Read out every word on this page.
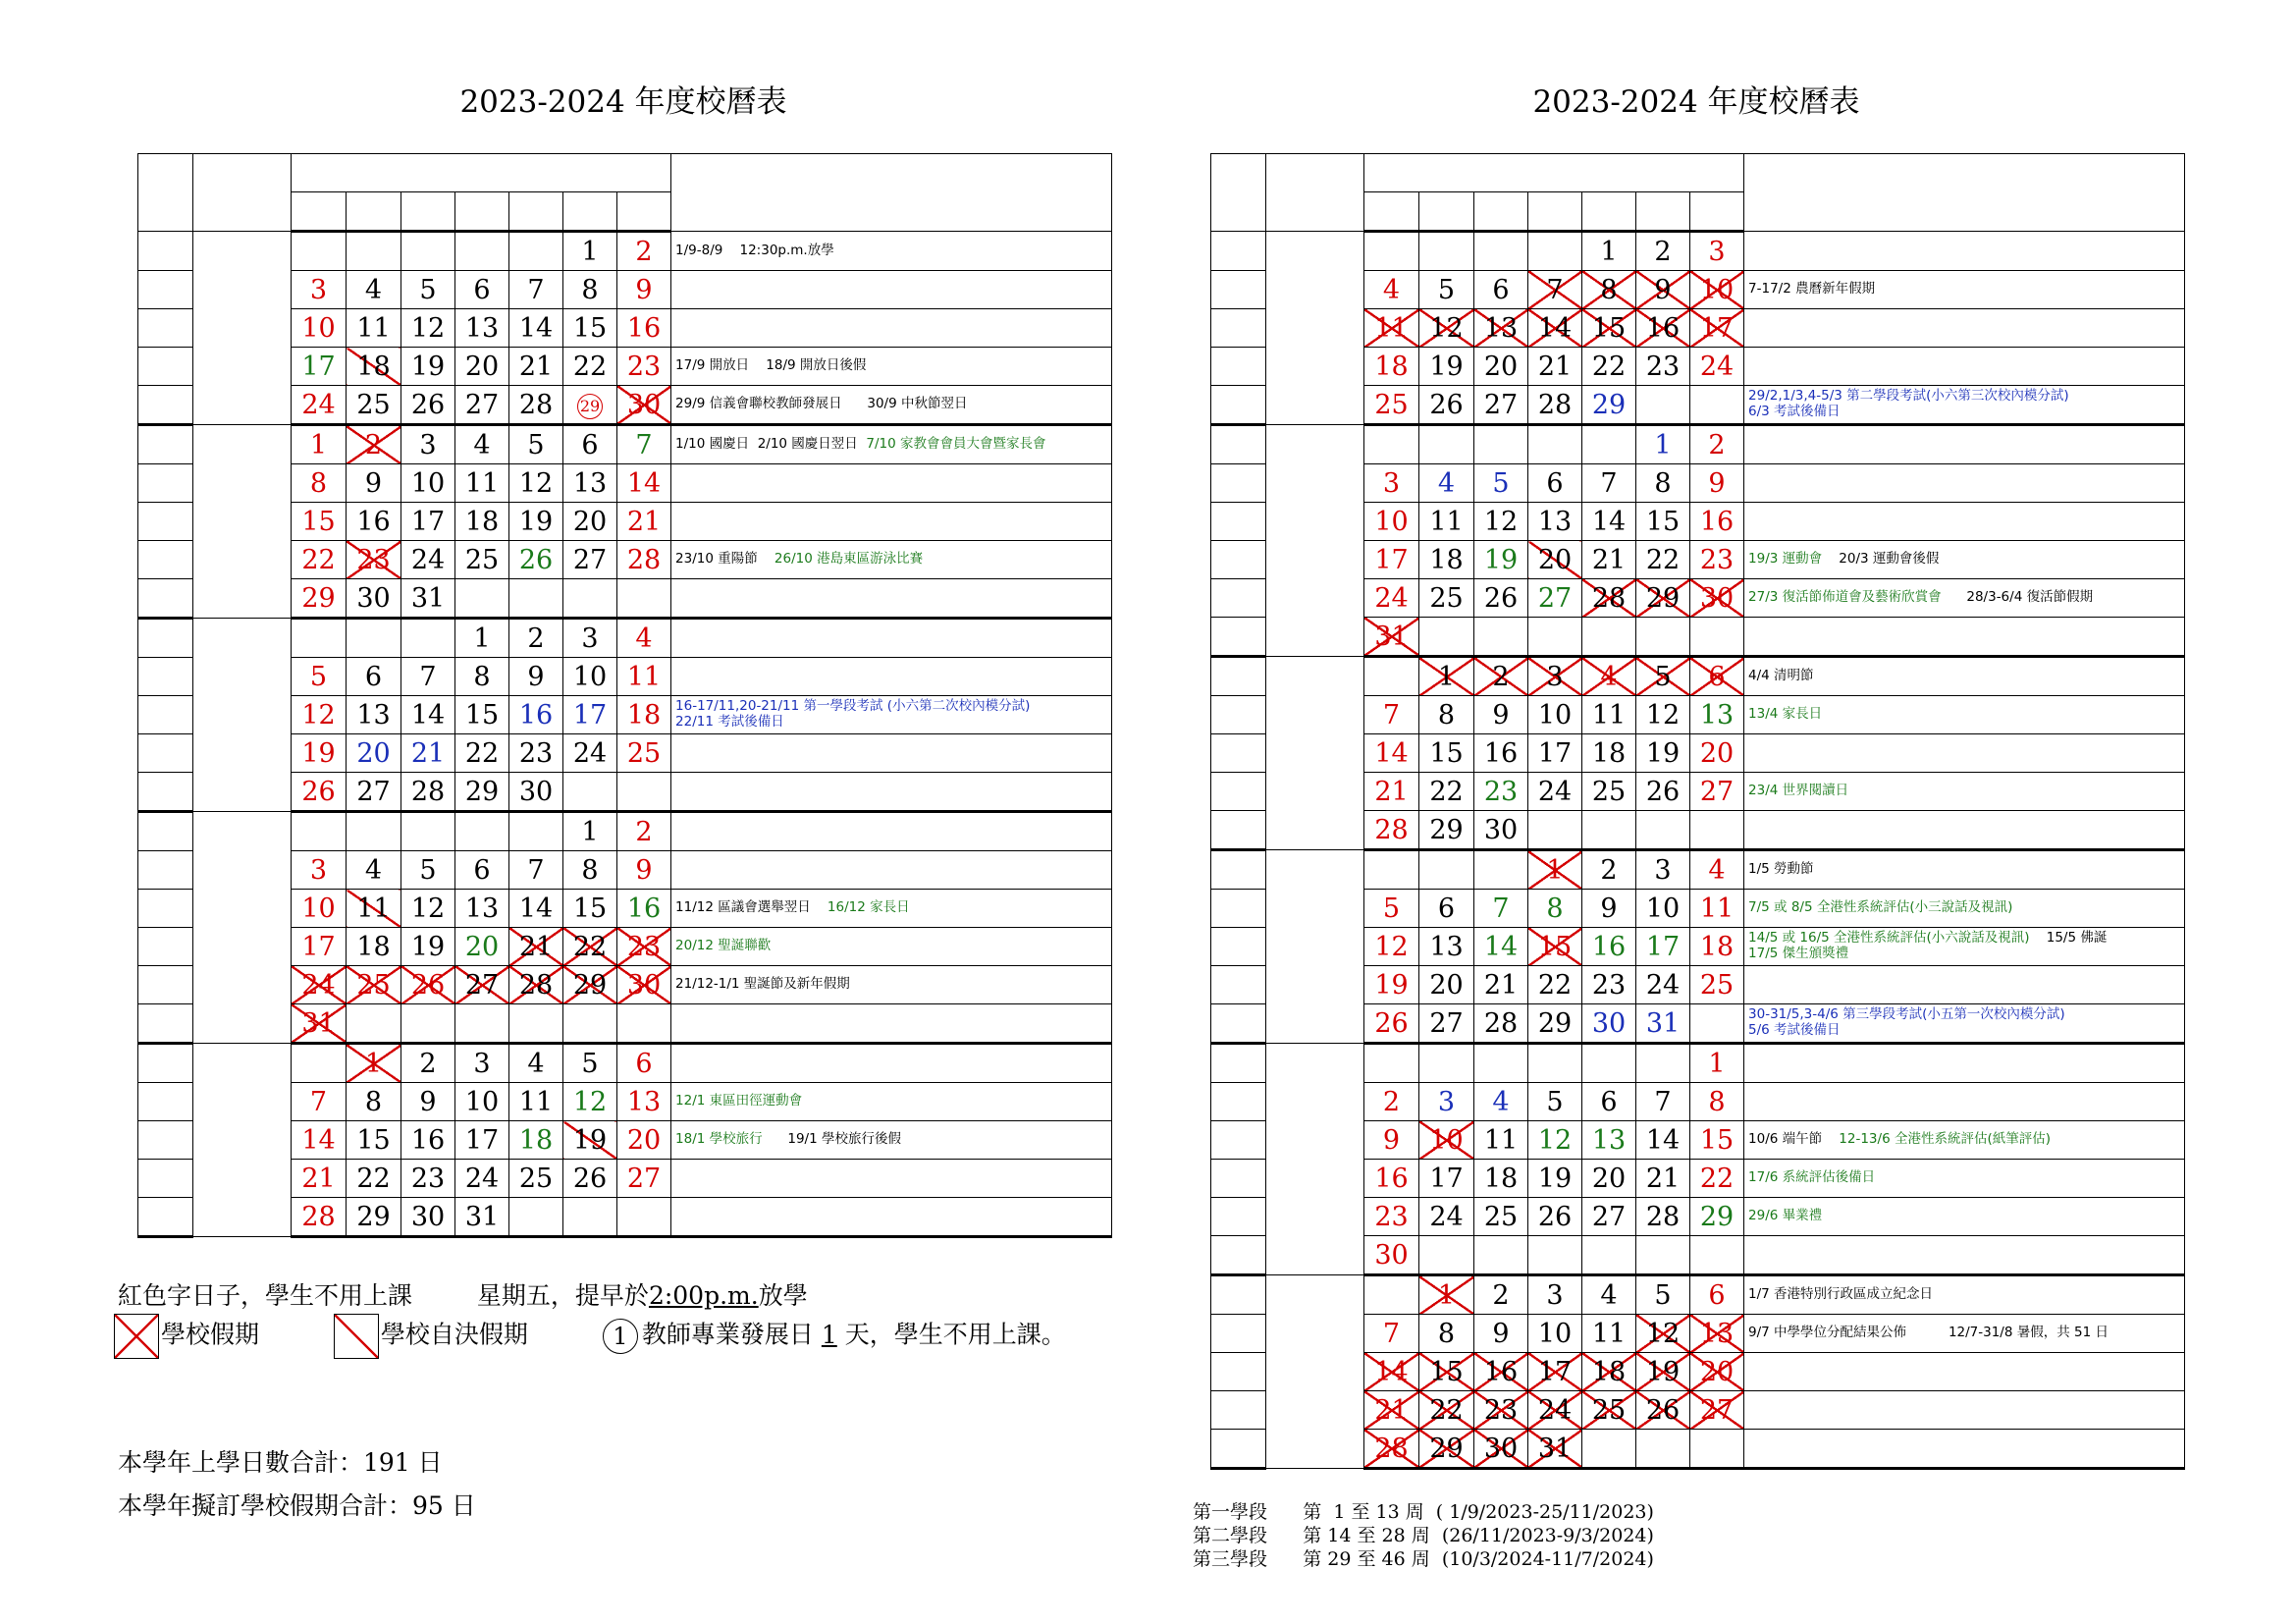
2023-2024 年度校曆表	2023-2024 年度校曆表

							1	2	1/9-8/9    12:30p.m.放學
		3	4	5	6	7	8	9	
		10	11	12	13	14	15	16	
		17	18	19	20	21	22	23	17/9 開放日    18/9 開放日後假
		24	25	26	27	28	29	30	29/9 信義會聯校教師發展日      30/9 中秋節翌日
		1	2	3	4	5	6	7	1/10 國慶日  2/10 國慶日翌日  7/10 家教會會員大會暨家長會
		8	9	10	11	12	13	14	
		15	16	17	18	19	20	21	
		22	23	24	25	26	27	28	23/10 重陽節    26/10 港島東區游泳比賽
		29	30	31					
					1	2	3	4	
		5	6	7	8	9	10	11	
		12	13	14	15	16	17	18	16-17/11,20-21/11 第一學段考試 (小六第二次校內模分試)
22/11 考試後備日
		19	20	21	22	23	24	25	
		26	27	28	29	30			
							1	2	
		3	4	5	6	7	8	9	
		10	11	12	13	14	15	16	11/12 區議會選舉翌日    16/12 家長日
		17	18	19	20	21	22	23	20/12 聖誕聯歡
		24	25	26	27	28	29	30	21/12-1/1 聖誕節及新年假期
		31							
			1	2	3	4	5	6	
		7	8	9	10	11	12	13	12/1 東區田徑運動會
		14	15	16	17	18	19	20	18/1 學校旅行      19/1 學校旅行後假
		21	22	23	24	25	26	27	
		28	29	30	31				

						1	2	3	
		4	5	6	7	8	9	10	7-17/2 農曆新年假期
		11	12	13	14	15	16	17	
		18	19	20	21	22	23	24	
		25	26	27	28	29			29/2,1/3,4-5/3 第二學段考試(小六第三次校內模分試)
6/3 考試後備日
							1	2	
		3	4	5	6	7	8	9	
		10	11	12	13	14	15	16	
		17	18	19	20	21	22	23	19/3 運動會    20/3 運動會後假
		24	25	26	27	28	29	30	27/3 復活節佈道會及藝術欣賞會      28/3-6/4 復活節假期
		31							
			1	2	3	4	5	6	4/4 清明節
		7	8	9	10	11	12	13	13/4 家長日
		14	15	16	17	18	19	20	
		21	22	23	24	25	26	27	23/4 世界閱讀日
		28	29	30					
					1	2	3	4	1/5 勞動節
		5	6	7	8	9	10	11	7/5 或 8/5 全港性系統評估(小三說話及視訊)
		12	13	14	15	16	17	18	14/5 或 16/5 全港性系統評估(小六說話及視訊)    15/5 佛誕
17/5 傑生頒獎禮
		19	20	21	22	23	24	25	
		26	27	28	29	30	31		30-31/5,3-4/6 第三學段考試(小五第一次校內模分試)
5/6 考試後備日
								1	
		2	3	4	5	6	7	8	
		9	10	11	12	13	14	15	10/6 端午節    12-13/6 全港性系統評估(紙筆評估)
		16	17	18	19	20	21	22	17/6 系統評估後備日
		23	24	25	26	27	28	29	29/6 畢業禮
		30							
			1	2	3	4	5	6	1/7 香港特別行政區成立紀念日
		7	8	9	10	11	12	13	9/7 中學學位分配結果公佈          12/7-31/8 暑假，共 51 日
		14	15	16	17	18	19	20	
		21	22	23	24	25	26	27	
		28	29	30	31				
紅色字日子，學生不用上課	星期五，提早於2:00p.m.放學
學校假期	學校自決假期	1 教師專業發展日 1 天，學生不用上課。
本學年上學日數合計：191 日
本學年擬訂學校假期合計：95 日	第一學段      第  1 至 13 周  ( 1/9/2023-25/11/2023)
第二學段      第 14 至 28 周  (26/11/2023-9/3/2024)
第三學段      第 29 至 46 周  (10/3/2024-11/7/2024)
